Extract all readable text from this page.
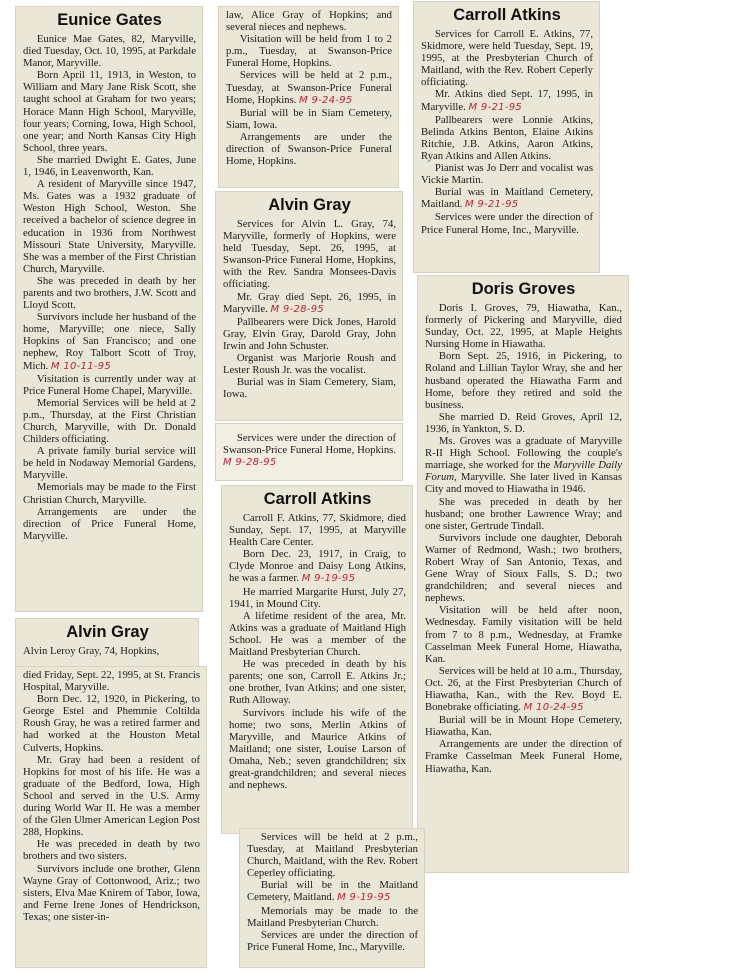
Eunice Gates

Eunice Mae Gates, 82, Maryville, died Tuesday, Oct. 10, 1995, at Parkdale Manor, Maryville.

Born April 11, 1913, in Weston, to William and Mary Jane Risk Scott, she taught school at Graham for two years; Horace Mann High School, Maryville, four years; Corning, Iowa, High School, one year; and North Kansas City High School, three years.

She married Dwight E. Gates, June 1, 1946, in Leavenworth, Kan.

A resident of Maryville since 1947, Ms. Gates was a 1932 graduate of Weston High School, Weston. She received a bachelor of science degree in education in 1936 from Northwest Missouri State University, Maryville. She was a member of the First Christian Church, Maryville.

She was preceded in death by her parents and two brothers, J.W. Scott and Lloyd Scott.

Survivors include her husband of the home, Maryville; one niece, Sally Hopkins of San Francisco; and one nephew, Roy Talbort Scott of Troy, Mich. M 10-11-95

Visitation is currently under way at Price Funeral Home Chapel, Maryville.

Memorial Services will be held at 2 p.m., Thursday, at the First Christian Church, Maryville, with Dr. Donald Childers officiating.

A private family burial service will be held in Nodaway Memorial Gardens, Maryville.

Memorials may be made to the First Christian Church, Maryville.

Arrangements are under the direction of Price Funeral Home, Maryville.

law, Alice Gray of Hopkins; and several nieces and nephews.

Visitation will be held from 1 to 2 p.m., Tuesday, at Swanson-Price Funeral Home, Hopkins.

Services will be held at 2 p.m., Tuesday, at Swanson-Price Funeral Home, Hopkins. M 9-24-95

Burial will be in Siam Cemetery, Siam, Iowa.

Arrangements are under the direction of Swanson-Price Funeral Home, Hopkins.

Alvin Gray

Services for Alvin L. Gray, 74, Maryville, formerly of Hopkins, were held Tuesday, Sept. 26, 1995, at Swanson-Price Funeral Home, Hopkins, with the Rev. Sandra Monsees-Davis officiating.

Mr. Gray died Sept. 26, 1995, in Maryville. M 9-28-95

Pallbearers were Dick Jones, Harold Gray, Elvin Gray, Darold Gray, John Irwin and John Schuster.

Organist was Marjorie Roush and Lester Roush Jr. was the vocalist.

Burial was in Siam Cemetery, Siam, Iowa.

Services were under the direction of Swanson-Price Funeral Home, Hopkins. M 9-28-95

Carroll Atkins

Services for Carroll E. Atkins, 77, Skidmore, were held Tuesday, Sept. 19, 1995, at the Presbyterian Church of Maitland, with the Rev. Robert Ceperly officiating.

Mr. Atkins died Sept. 17, 1995, in Maryville. M 9-21-95

Pallbearers were Lonnie Atkins, Belinda Atkins Benton, Elaine Atkins Ritchie, J.B. Atkins, Aaron Atkins, Ryan Atkins and Allen Atkins.

Pianist was Jo Derr and vocalist was Vickie Martin.

Burial was in Maitland Cemetery, Maitland. M 9-21-95

Services were under the direction of Price Funeral Home, Inc., Maryville.

Doris Groves

Doris I. Groves, 79, Hiawatha, Kan., formerly of Pickering and Maryville, died Sunday, Oct. 22, 1995, at Maple Heights Nursing Home in Hiawatha.

Born Sept. 25, 1916, in Pickering, to Roland and Lillian Taylor Wray, she and her husband operated the Hiawatha Farm and Home, before they retired and sold the business.

She married D. Reid Groves, April 12, 1936, in Yankton, S. D.

Ms. Groves was a graduate of Maryville R-II High School. Following the couple's marriage, she worked for the Maryville Daily Forum, Maryville. She later lived in Kansas City and moved to Hiawatha in 1946.

She was preceded in death by her husband; one brother Lawrence Wray; and one sister, Gertrude Tindall.

Survivors include one daughter, Deborah Warner of Redmond, Wash.; two brothers, Robert Wray of San Antonio, Texas, and Gene Wray of Sioux Falls, S. D.; two grandchildren; and several nieces and nephews.

Visitation will be held after noon, Wednesday. Family visitation will be held from 7 to 8 p.m., Wednesday, at Framke Casselman Meek Funeral Home, Hiawatha, Kan.

Services will be held at 10 a.m., Thursday, Oct. 26, at the First Presbyterian Church of Hiawatha, Kan., with the Rev. Boyd E. Bonebrake officiating. M 10-24-95

Burial will be in Mount Hope Cemetery, Hiawatha, Kan.

Arrangements are under the direction of Framke Casselman Meek Funeral Home, Hiawatha, Kan.

Carroll Atkins

Carroll F. Atkins, 77, Skidmore, died Sunday, Sept. 17, 1995, at Maryville Health Care Center.

Born Dec. 23, 1917, in Craig, to Clyde Monroe and Daisy Long Atkins, he was a farmer. M 9-19-95

He married Margarite Hurst, July 27, 1941, in Mound City.

A lifetime resident of the area, Mr. Atkins was a graduate of Maitland High School. He was a member of the Maitland Presbyterian Church.

He was preceded in death by his parents; one son, Carroll E. Atkins Jr.; one brother, Ivan Atkins; and one sister, Ruth Alloway.

Survivors include his wife of the home; two sons, Merlin Atkins of Maryville, and Maurice Atkins of Maitland; one sister, Louise Larson of Omaha, Neb.; seven grandchildren; six great-grandchildren; and several nieces and nephews.

Services will be held at 2 p.m., Tuesday, at Maitland Presbyterian Church, Maitland, with the Rev. Robert Ceperley officiating.

Burial will be in the Maitland Cemetery, Maitland. M 9-19-95

Memorials may be made to the Maitland Presbyterian Church.

Services are under the direction of Price Funeral Home, Inc., Maryville.

Alvin Gray

Alvin Leroy Gray, 74, Hopkins,

died Friday, Sept. 22, 1995, at St. Francis Hospital, Maryville.

Born Dec. 12, 1920, in Pickering, to George Estel and Phemmie Coltilda Roush Gray, he was a retired farmer and had worked at the Houston Metal Culverts, Hopkins.

Mr. Gray had been a resident of Hopkins for most of his life. He was a graduate of the Bedford, Iowa, High School and served in the U.S. Army during World War II. He was a member of the Glen Ulmer American Legion Post 288, Hopkins.

He was preceded in death by two brothers and two sisters.

Survivors include one brother, Glenn Wayne Gray of Cottonwood, Ariz.; two sisters, Elva Mae Knirem of Tabor, Iowa, and Ferne Irene Jones of Hendrickson, Texas; one sister-in-
